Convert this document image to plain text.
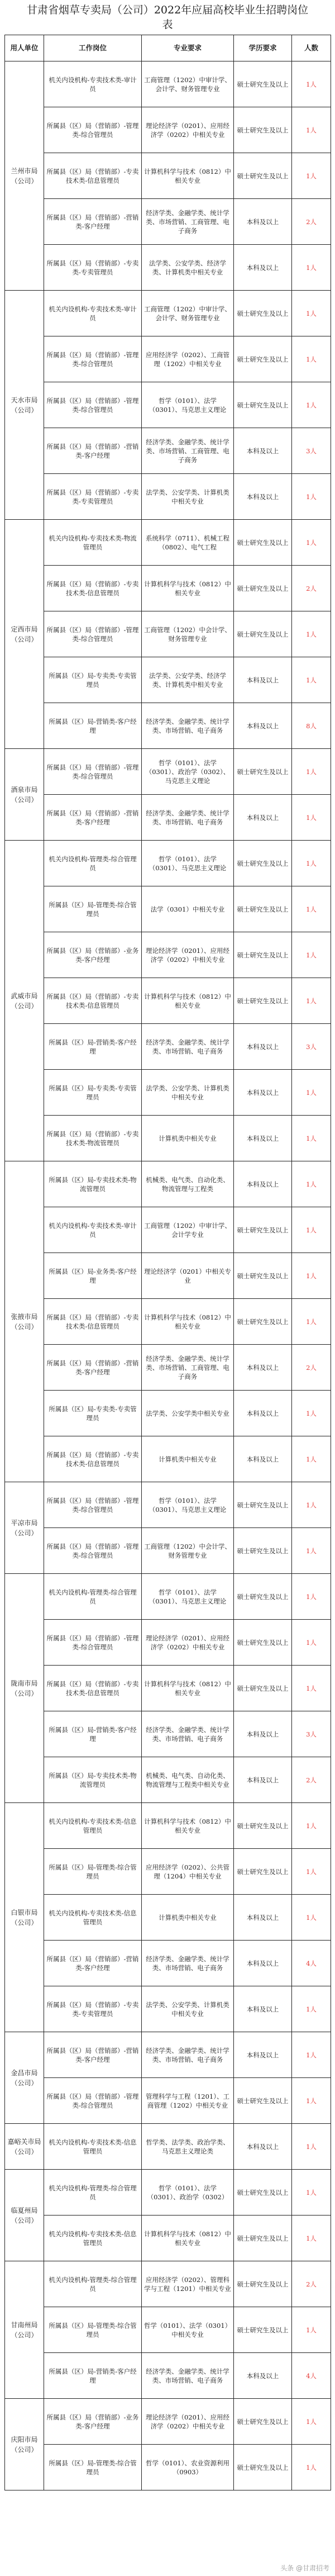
甘肃省烟草专卖局（公司）2022年应届高校毕业生招聘岗位表
用人单位	工作岗位	专业要求	学历要求	人数
兰州市局（公司）	机关内设机构-专卖技术类-审计员	工商管理（1202）中审计学、会计学、财务管理专业	硕士研究生及以上	1人
	所属县（区）局（营销部）-管理类-综合管理员	理论经济学（0201）、应用经济学（0202）中相关专业	硕士研究生及以上	1人
	所属县（区）局（营销部）-专卖技术类-信息管理员	计算机科学与技术（0812）中相关专业	硕士研究生及以上	1人
	所属县（区）局（营销部）-营销类-客户经理	经济学类、金融学类、统计学类、市场营销、工商管理、电子商务	本科及以上	2人
	所属县（区）局（营销部）-专卖类-专卖管理员	法学类、公安学类、经济学类、计算机类中相关专业	本科及以上	1人
天水市局（公司）	机关内设机构-专卖技术类-审计员	工商管理（1202）中审计学、会计学、财务管理专业	硕士研究生及以上	1人
	所属县（区）局（营销部）-管理类-综合管理员	应用经济学（0202）、工商管理（1202）中相关专业	硕士研究生及以上	1人
	所属县（区）局（营销部）-管理类-综合管理员	哲学（0101）、法学（0301）、马克思主义理论	硕士研究生及以上	1人
	所属县（区）局（营销部）-营销类-客户经理	经济学类、金融学类、统计学类、市场营销、工商管理、电子商务	本科及以上	3人
	所属县（区）局（营销部）-专卖类-专卖管理员	法学类、公安学类、计算机类中相关专业	本科及以上	1人
定西市局（公司）	机关内设机构-专卖技术类-物流管理员	系统科学（0711）、机械工程（0802）、电气工程	硕士研究生及以上	1人
	所属县（区）局（营销部）-专卖技术类-信息管理员	计算机科学与技术（0812）中相关专业	硕士研究生及以上	2人
	所属县（区）局（营销部）-管理类-综合管理员	工商管理（1202）中会计学、财务管理专业	硕士研究生及以上	1人
	所属县（区）局-专卖类-专卖管理员	法学类、公安学类、经济学类、计算机类中相关专业	本科及以上	1人
	所属县（区）局-营销类-客户经理	经济学类、金融学类、统计学类、市场营销、电子商务	本科及以上	8人
酒泉市局（公司）	所属县（区）局（营销部）-管理类-综合管理员	哲学（0101）、法学（0301）、政治学（0302）、马克思主义理论	硕士研究生及以上	1人
	所属县（区）局（营销部）-营销类-客户经理	经济学类、金融学类、统计学类、市场营销、电子商务	本科及以上	1人
武威市局（公司）	机关内设机构-管理类-综合管理员	哲学（0101）、法学（0301）、马克思主义理论	硕士研究生及以上	1人
	所属县（区）局-管理类-综合管理员	法学（0301）中相关专业	硕士研究生及以上	1人
	所属县（区）局（营销部）-业务类-客户经理	理论经济学（0201）、应用经济学（0202）中相关专业	硕士研究生及以上	1人
	所属县（区）局（营销部）-专卖技术类-信息管理员	计算机科学与技术（0812）中相关专业	硕士研究生及以上	1人
	所属县（区）局-营销类-客户经理	经济学类、金融学类、统计学类、市场营销、电子商务	本科及以上	3人
	所属县（区）局-专卖类-专卖管理员	法学类、公安学类、计算机类中相关专业	本科及以上	1人
	所属县（区）局（营销部）-专卖技术类-物流管理员	计算机类中相关专业	本科及以上	1人
张掖市局（公司）	所属县（区）局-专卖技术类-物流管理员	机械类、电气类、自动化类、物流管理与工程类	本科及以上	1人
	机关内设机构-专卖技术类-审计员	工商管理（1202）中审计学、会计学专业	硕士研究生及以上	1人
	所属县（区）局-业务类-客户经理	理论经济学（0201）中相关专业	硕士研究生及以上	1人
	所属县（区）局（营销部）-专卖技术类-信息管理员	计算机科学与技术（0812）中相关专业	硕士研究生及以上	1人
	所属县（区）局（营销部）-营销类-客户经理	经济学类、金融学类、统计学类、市场营销、工商管理、电子商务	本科及以上	2人
	所属县（区）局-专卖类-专卖管理员	法学类、公安学类中相关专业	本科及以上	1人
	所属县（区）局（营销部）-专卖技术类-信息管理员	计算机类中相关专业	本科及以上	1人
平凉市局（公司）	所属县（区）局（营销部）-管理类-综合管理员	哲学（0101）、法学（0301）、马克思主义理论	硕士研究生及以上	1人
	所属县（区）局（营销部）-管理类-综合管理员	工商管理（1202）中会计学、财务管理专业	硕士研究生及以上	1人
陇南市局（公司）	机关内设机构-管理类-综合管理员	哲学（0101）、法学（0301）、马克思主义理论	硕士研究生及以上	1人
	所属县（区）局（营销部）-管理类-综合管理员	理论经济学（0201）、应用经济学（0202）中相关专业	硕士研究生及以上	1人
	所属县（区）局（营销部）-专卖技术类-信息管理员	计算机科学与技术（0812）中相关专业	硕士研究生及以上	1人
	所属县（区）局-营销类-客户经理	经济学类、金融学类、统计学类、市场营销、电子商务	本科及以上	3人
	所属县（区）局-专卖技术类-物流管理员	机械类、电气类、自动化类、物流管理与工程类中相关专业	本科及以上	2人
白银市局（公司）	机关内设机构-专卖技术类-信息管理员	计算机科学与技术（0812）中相关专业	硕士研究生及以上	1人
	所属县（区）局-管理类-综合管理员	应用经济学（0202）、公共管理（1204）中相关专业	硕士研究生及以上	1人
	机关内设机构-专卖技术类-信息管理员	计算机类中相关专业	本科及以上	1人
	所属县（区）局（营销部）-营销类-客户经理	经济学类、金融学类、统计学类、市场营销、电子商务	本科及以上	4人
	所属县（区）局（营销部）-专卖类-专卖管理员	法学类、公安学类、计算机类中相关专业	本科及以上	1人
金昌市局（公司）	所属县（区）局（营销部）-营销类-客户经理	经济学类、金融学类、统计学类、市场营销、电子商务	本科及以上	1人
	所属县（区）局（营销部）-管理类-综合管理员	管理科学与工程（1201）、工商管理（1202）中相关专业	硕士研究生及以上	1人
嘉峪关市局（公司）	机关内设机构-专卖技术类-信息管理员	哲学类、法学类、政治学类、马克思主义理论类	本科及以上	1人
临夏州局（公司）	机关内设机构-管理类-综合管理员	哲学（0101）、法学（0301）、政治学（0302）	硕士研究生及以上	1人
	机关内设机构-专卖技术类-信息管理员	计算机科学与技术（0812）中相关专业	硕士研究生及以上	1人
甘南州局（公司）	机关内设机构-管理类-综合管理员	应用经济学（0202）、管理科学与工程（1201）中相关专业	硕士研究生及以上	2人
	所属县（区）局-管理类-综合管理员	哲学（0101）、法学（0301）中相关专业	硕士研究生及以上	1人
	所属县（区）局-营销类-客户经理	经济学类、金融学类、统计学类、市场营销、电子商务	本科及以上	4人
庆阳市局（公司）	所属县（区）局（营销部）-业务类-客户经理	理论经济学（0201）、应用经济学（0202）中相关专业	硕士研究生及以上	1人
	所属县（区）局-管理类-综合管理员	哲学（0101）、农业资源利用（0903）	硕士研究生及以上	1人
头条 @甘肃招考
